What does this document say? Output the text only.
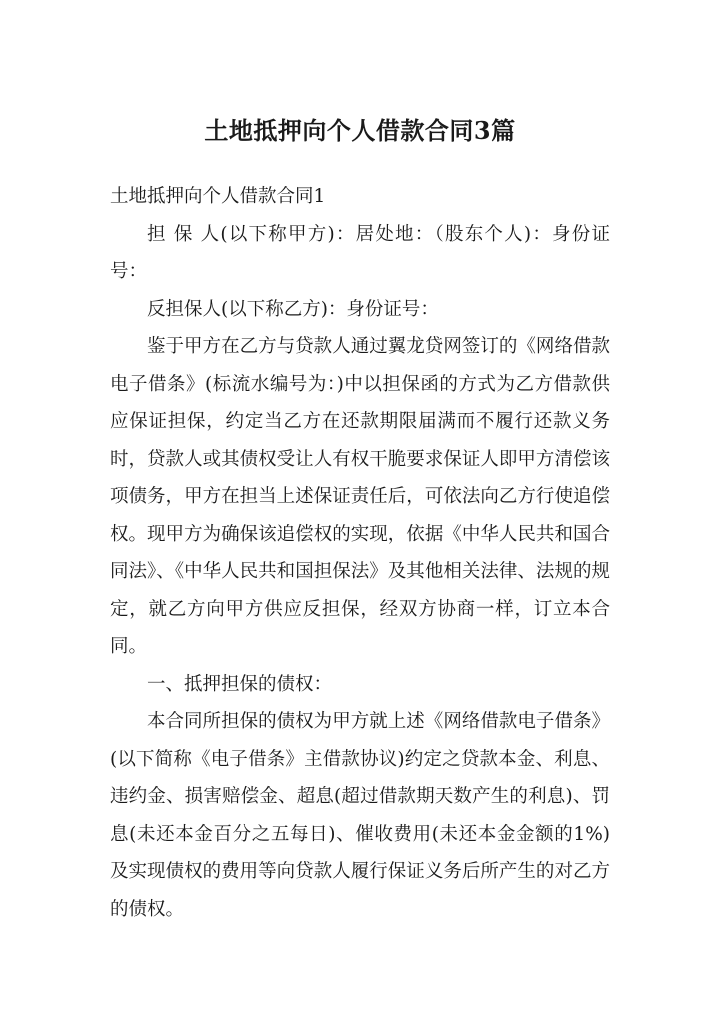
土地抵押向个人借款合同3篇

土地抵押向个人借款合同1

担 保 人(以下称甲方)：居处地：（股东个人)：身份证号：

反担保人(以下称乙方)：身份证号：

鉴于甲方在乙方与贷款人通过翼龙贷网签订的《网络借款电子借条》(标流水编号为：)中以担保函的方式为乙方借款供应保证担保，约定当乙方在还款期限届满而不履行还款义务时，贷款人或其债权受让人有权干脆要求保证人即甲方清偿该项债务，甲方在担当上述保证责任后，可依法向乙方行使追偿权。现甲方为确保该追偿权的实现，依据《中华人民共和国合同法》、《中华人民共和国担保法》及其他相关法律、法规的规定，就乙方向甲方供应反担保，经双方协商一样，订立本合同。

一、抵押担保的债权：

本合同所担保的债权为甲方就上述《网络借款电子借条》(以下简称《电子借条》主借款协议)约定之贷款本金、利息、违约金、损害赔偿金、超息(超过借款期天数产生的利息)、罚息(未还本金百分之五每日)、催收费用(未还本金金额的1%)及实现债权的费用等向贷款人履行保证义务后所产生的对乙方的债权。
